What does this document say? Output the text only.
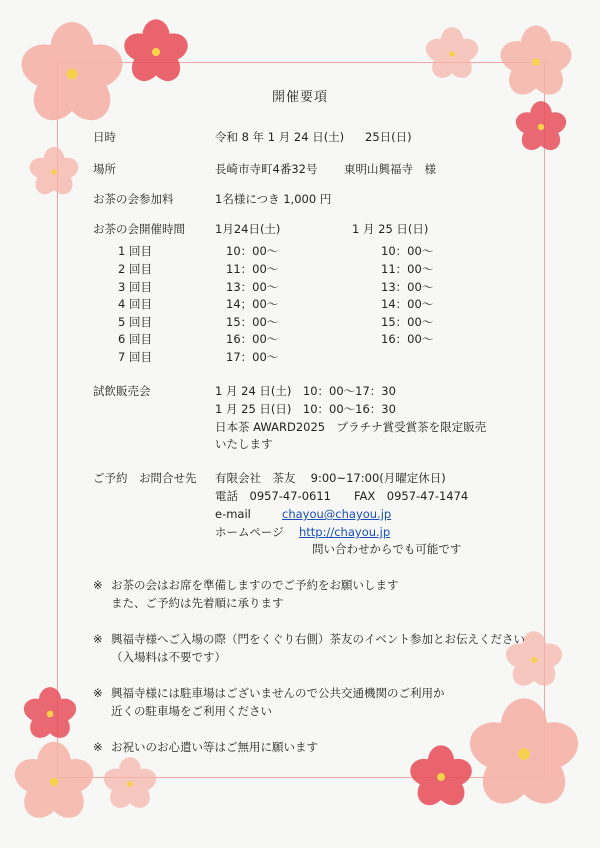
開催要項
日時	令和 8 年 1 月 24 日(土) 25日(日)
場所	長崎市寺町4番32号 東明山興福寺　様
お茶の会参加料	1名様につき 1,000 円
お茶の会開催時間	1月24日(土)	1 月 25 日(日)
1 回目	10：00～	10：00～
2 回目	11：00～	11：00～
3 回目	13：00～	13：00～
4 回目	14；00～	14：00～
5 回目	15：00～	15：00～
6 回目	16：00～	16：00～
7 回目	17：00～
試飲販売会	1 月 24 日(土)　10：00～17：30
1 月 25 日(日)　10：00～16：30
日本茶 AWARD2025　プラチナ賞受賞茶を限定販売
いたします
ご予約　お問合せ先 有限会社　茶友　 9:00~17:00(月曜定休日)
電話　0957-47-0611　　FAX　0957-47-1474
e-mail	chayou@chayou.jp
ホームページ http://chayou.jp
問い合わせからでも可能です
※ お茶の会はお席を準備しますのでご予約をお願いします
また、ご予約は先着順に承ります
※ 興福寺様へご入場の際（門をくぐり右側）茶友のイベント参加とお伝えください
（入場料は不要です）
※ 興福寺様には駐車場はございませんので公共交通機関のご利用か
近くの駐車場をご利用ください
※ お祝いのお心遣い等はご無用に願います
